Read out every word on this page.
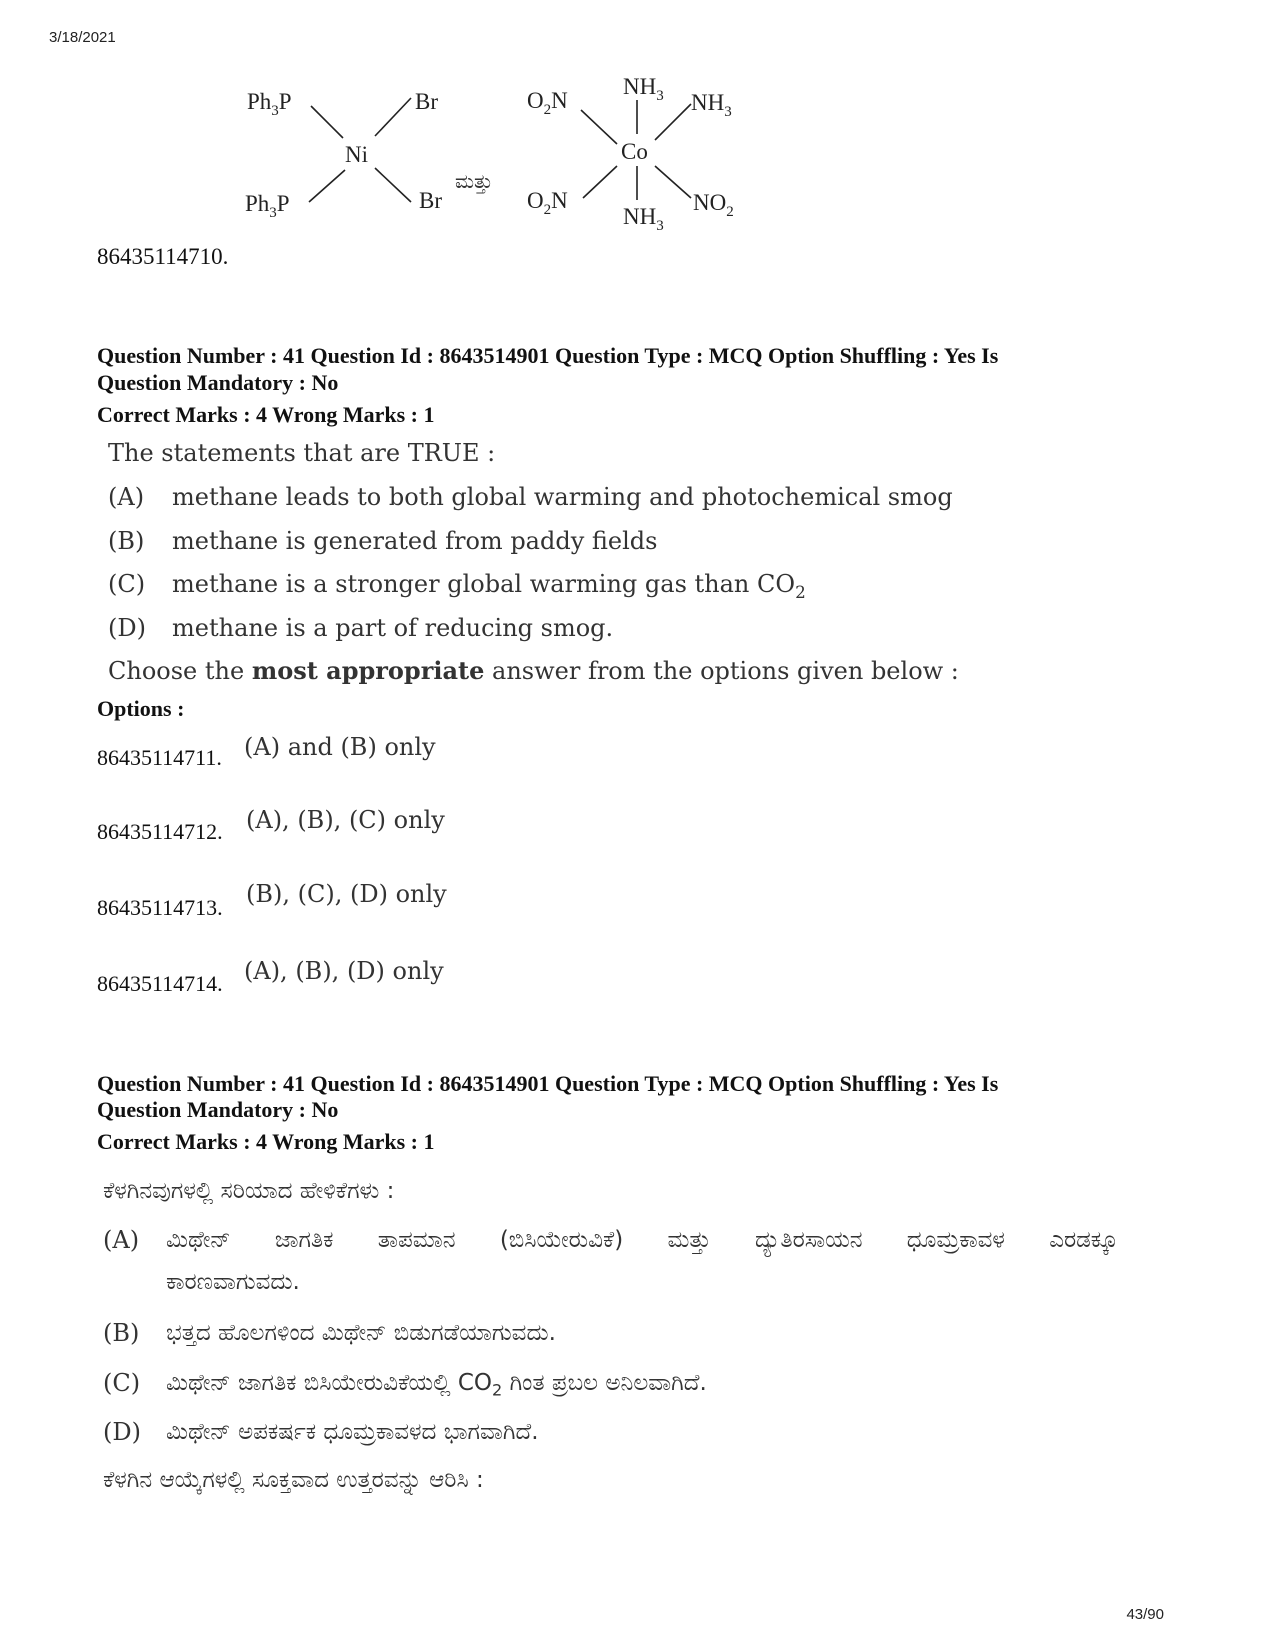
3/18/2021
43/90
$Ph_3P$	Br
Ni
$Ph_3P$	Br
ಮತ್ತು
$NH_3$ $NH_3$
$O_2N$
Co
$O_2N$	$NO_2$
$NH_3$
86435114710.
Question Number : 41 Question Id : 8643514901 Question Type : MCQ Option Shuffling : Yes Is
Question Mandatory : No
Correct Marks : 4 Wrong Marks : 1
The statements that are TRUE :
(A) methane leads to both global warming and photochemical smog
(B) methane is generated from paddy fields
(C) methane is a stronger global warming gas than $CO_2$
(D) methane is a part of reducing smog.
Choose the most appropriate answer from the options given below :
Options :
86435114711. (A) and (B) only
86435114712. (A), (B), (C) only
86435114713. (B), (C), (D) only
86435114714. (A), (B), (D) only
Question Number : 41 Question Id : 8643514901 Question Type : MCQ Option Shuffling : Yes Is
Question Mandatory : No
Correct Marks : 4 Wrong Marks : 1
ಕೆಳಗಿನವುಗಳಲ್ಲಿ ಸರಿಯಾದ ಹೇಳಿಕೆಗಳು :
(A) ಮಿಥೇನ್ ಜಾಗತಿಕ ತಾಪಮಾನ (ಬಿಸಿಯೇರುವಿಕೆ) ಮತ್ತು ದ್ಯುತಿರಸಾಯನ ಧೂಮ್ರಕಾವಳ ಎರಡಕ್ಕೂ
ಕಾರಣವಾಗುವದು.
(B) ಭತ್ತದ ಹೊಲಗಳಿಂದ ಮಿಥೇನ್ ಬಿಡುಗಡೆಯಾಗುವದು.
(C) ಮಿಥೇನ್ ಜಾಗತಿಕ ಬಿಸಿಯೇರುವಿಕೆಯಲ್ಲಿ $CO_2$ ಗಿಂತ ಪ್ರಬಲ ಅನಿಲವಾಗಿದೆ.
(D) ಮಿಥೇನ್ ಅಪಕರ್ಷಕ ಧೂಮ್ರಕಾವಳದ ಭಾಗವಾಗಿದೆ.
ಕೆಳಗಿನ ಆಯ್ಕೆಗಳಲ್ಲಿ ಸೂಕ್ತವಾದ ಉತ್ತರವನ್ನು ಆರಿಸಿ :
